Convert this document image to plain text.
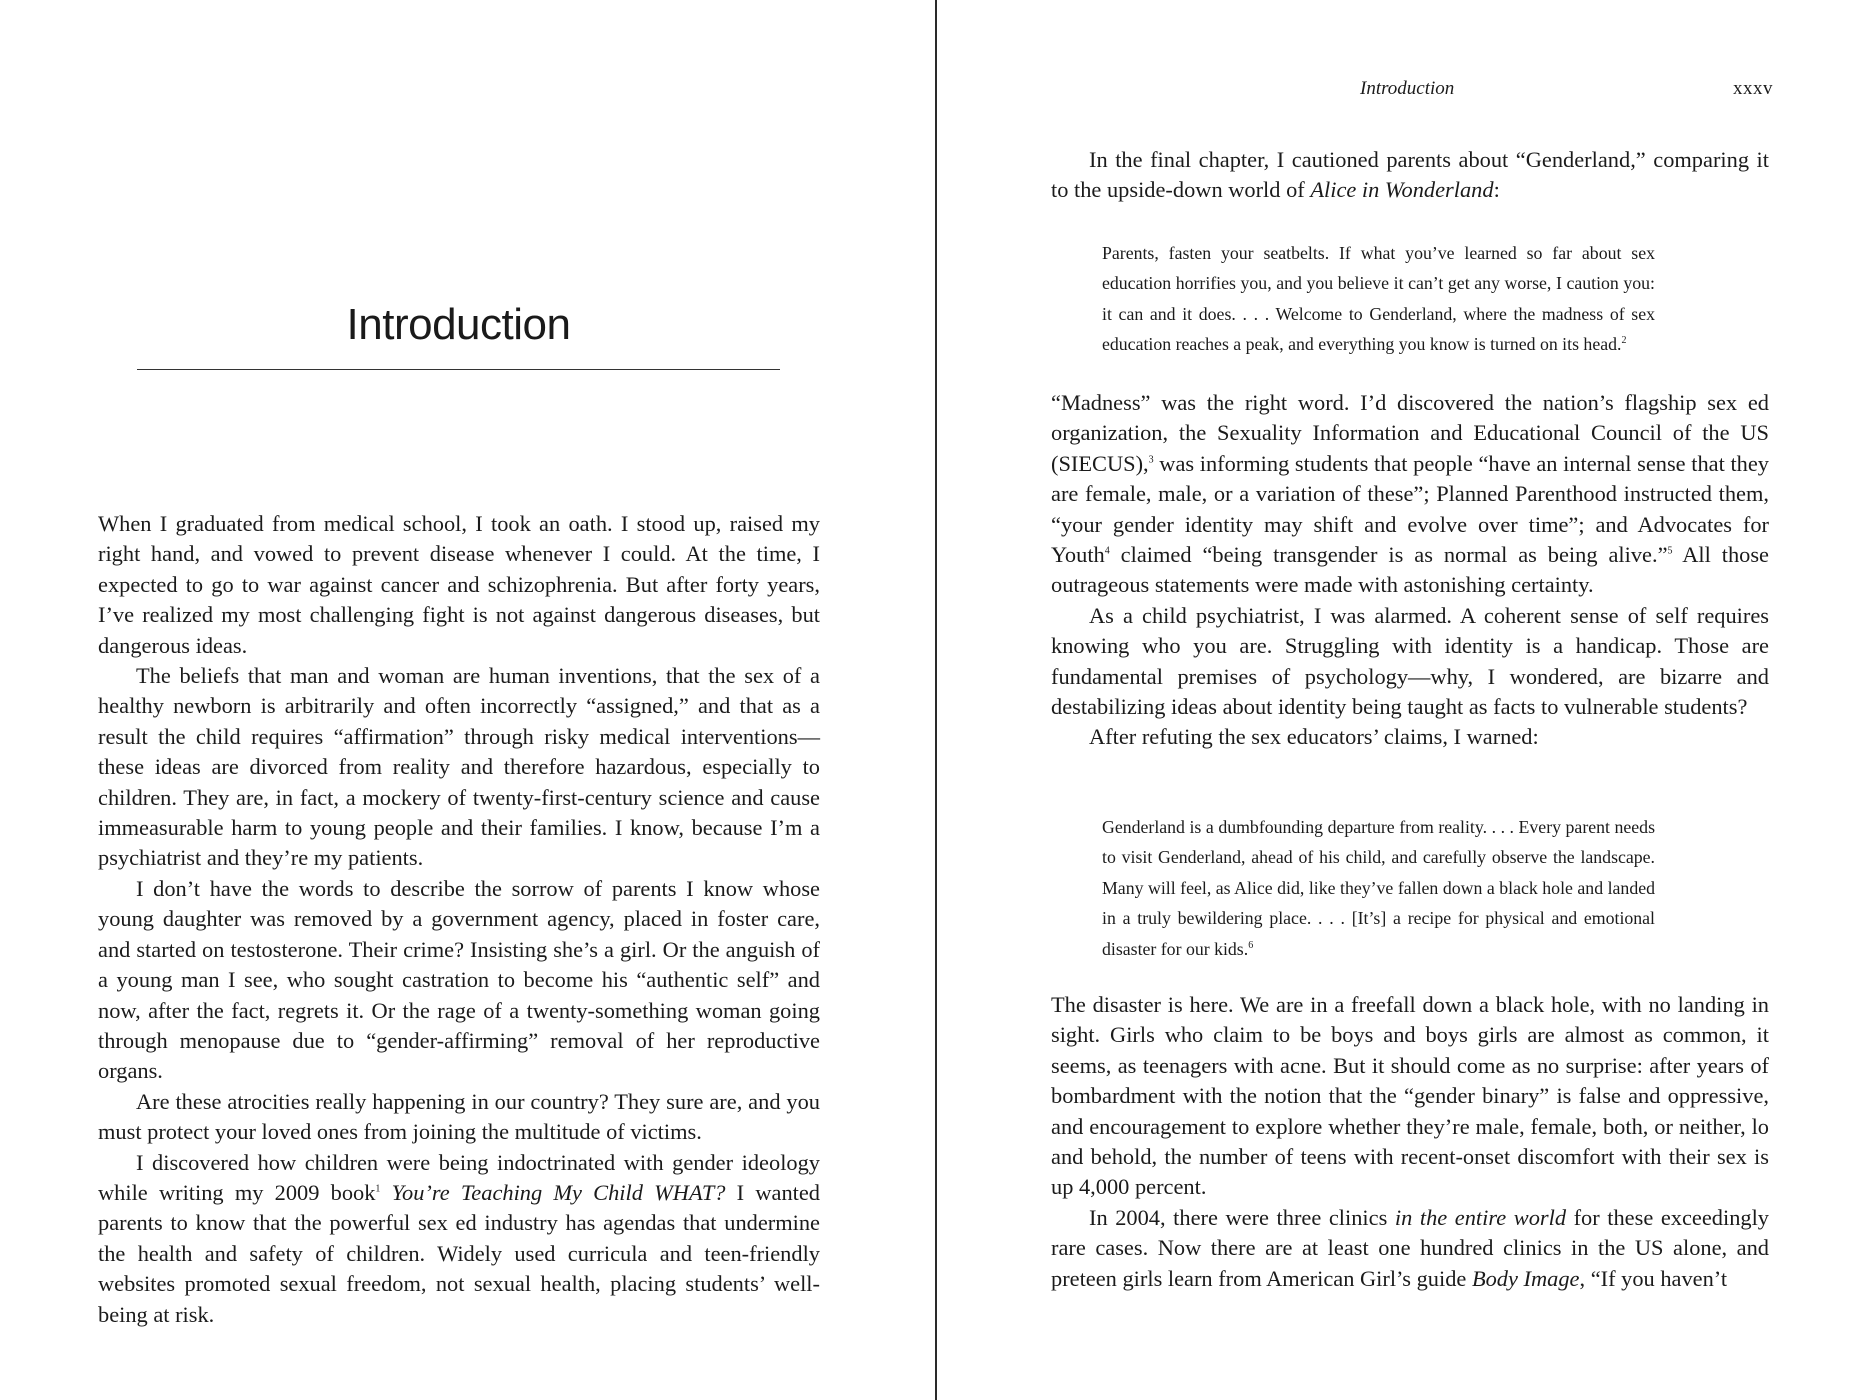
Introduction

When I graduated from medical school, I took an oath. I stood up, raised my right hand, and vowed to prevent disease whenever I could. At the time, I expected to go to war against cancer and schizophrenia. But after forty years, I’ve realized my most challenging fight is not against dangerous diseases, but dangerous ideas.

The beliefs that man and woman are human inventions, that the sex of a healthy newborn is arbitrarily and often incorrectly “assigned,” and that as a result the child requires “affirmation” through risky medical interventions—these ideas are divorced from reality and therefore hazardous, especially to children. They are, in fact, a mockery of twenty-first-century science and cause immeasurable harm to young people and their families. I know, because I’m a psychiatrist and they’re my patients.

I don’t have the words to describe the sorrow of parents I know whose young daughter was removed by a government agency, placed in foster care, and started on testosterone. Their crime? Insisting she’s a girl. Or the anguish of a young man I see, who sought castration to become his “authentic self” and now, after the fact, regrets it. Or the rage of a twenty-something woman going through menopause due to “gender-affirming” removal of her reproductive organs.

Are these atrocities really happening in our country? They sure are, and you must protect your loved ones from joining the multitude of victims.

I discovered how children were being indoctrinated with gender ideology while writing my 2009 book$^1$ You’re Teaching My Child WHAT? I wanted parents to know that the powerful sex ed industry has agendas that undermine the health and safety of children. Widely used curricula and teen-friendly websites promoted sexual freedom, not sexual health, placing students’ well-being at risk.

Introduction	xxxv

In the final chapter, I cautioned parents about “Genderland,” comparing it to the upside-down world of Alice in Wonderland:

Parents, fasten your seatbelts. If what you’ve learned so far about sex education horrifies you, and you believe it can’t get any worse, I caution you: it can and it does. . . . Welcome to Genderland, where the madness of sex education reaches a peak, and everything you know is turned on its head.$^2$

“Madness” was the right word. I’d discovered the nation’s flagship sex ed organization, the Sexuality Information and Educational Council of the US (SIECUS),$^3$ was informing students that people “have an internal sense that they are female, male, or a variation of these”; Planned Parenthood instructed them, “your gender identity may shift and evolve over time”; and Advocates for Youth$^4$ claimed “being transgender is as normal as being alive.”$^5$ All those outrageous statements were made with astonishing certainty.

As a child psychiatrist, I was alarmed. A coherent sense of self requires knowing who you are. Struggling with identity is a handicap. Those are fundamental premises of psychology—why, I wondered, are bizarre and destabilizing ideas about identity being taught as facts to vulnerable students?

After refuting the sex educators’ claims, I warned:

Genderland is a dumbfounding departure from reality. . . . Every parent needs to visit Genderland, ahead of his child, and carefully observe the landscape. Many will feel, as Alice did, like they’ve fallen down a black hole and landed in a truly bewildering place. . . . [It’s] a recipe for physical and emotional disaster for our kids.$^6$

The disaster is here. We are in a freefall down a black hole, with no landing in sight. Girls who claim to be boys and boys girls are almost as common, it seems, as teenagers with acne. But it should come as no surprise: after years of bombardment with the notion that the “gender binary” is false and oppressive, and encouragement to explore whether they’re male, female, both, or neither, lo and behold, the number of teens with recent-onset discomfort with their sex is up 4,000 percent.

In 2004, there were three clinics in the entire world for these exceedingly rare cases. Now there are at least one hundred clinics in the US alone, and preteen girls learn from American Girl’s guide Body Image, “If you haven’t
